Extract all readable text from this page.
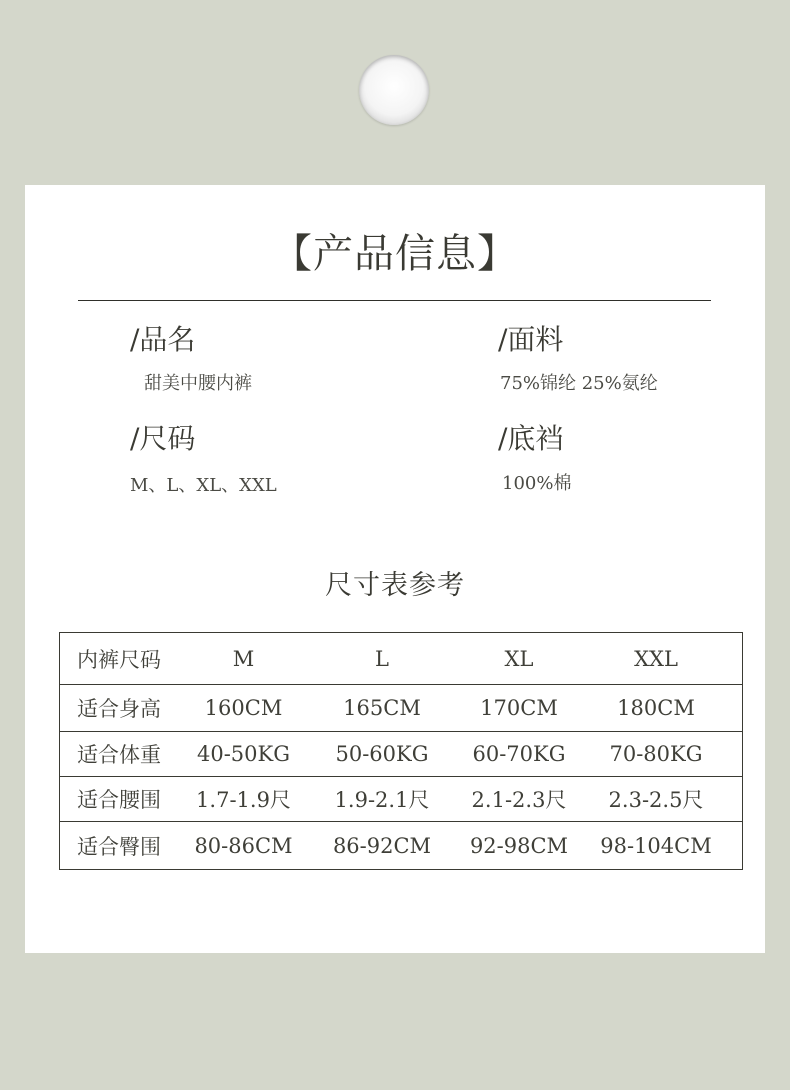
【产品信息】
/品名
甜美中腰内裤
/面料
75%锦纶 25%氨纶
/尺码
M、L、XL、XXL
/底裆
100%棉
尺寸表参考
内裤尺码	M	L	XL	XXL
适合身高	160CM	165CM	170CM	180CM
适合体重	40-50KG	50-60KG	60-70KG	70-80KG
适合腰围	1.7-1.9尺	1.9-2.1尺	2.1-2.3尺	2.3-2.5尺
适合臀围	80-86CM	86-92CM	92-98CM	98-104CM
